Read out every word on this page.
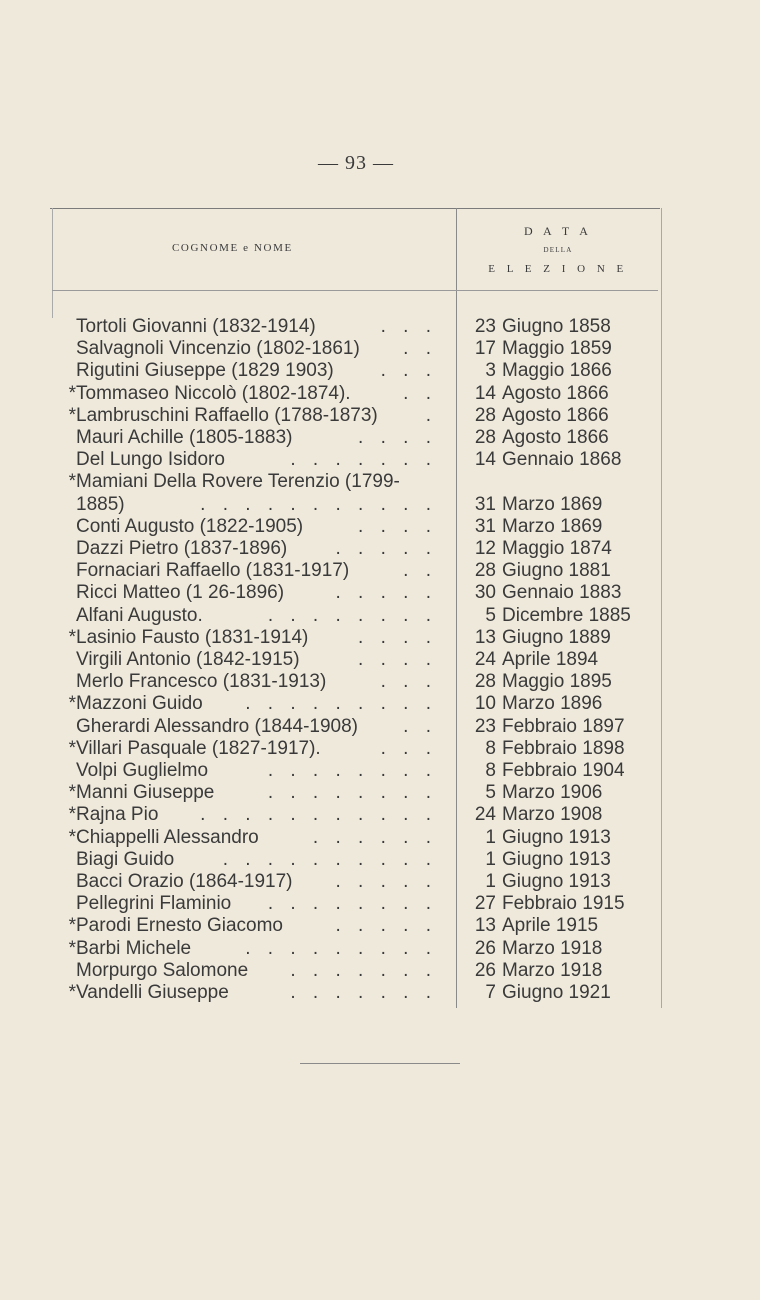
— 93 —
COGNOME e NOME
D A T A
DELLA
E L E Z I O N E
Tortoli Giovanni (1832-1914)	. . .	23 Giugno 1858
Salvagnoli Vincenzio (1802-1861) . .	17 Maggio 1859
Rigutini Giuseppe (1829 1903) . . .	3 Maggio 1866
* Tommaseo Niccolò (1802-1874).	. .	14 Agosto 1866
* Lambruschini Raffaello (1788-1873)	.	28 Agosto 1866
Mauri Achille (1805-1883)	. . . .	28 Agosto 1866
Del Lungo Isidoro	. . . . . . .	14 Gennaio 1868
* Mamiani Della Rovere Terenzio (1799-
1885)	. . . . . . . . . . .	31 Marzo 1869
Conti Augusto (1822-1905)	. . . .	31 Marzo 1869
Dazzi Pietro (1837-1896)	. . . . .	12 Maggio 1874
Fornaciari Raffaello (1831-1917)	. .	28 Giugno 1881
Ricci Matteo (1 26-1896)	. . . . .	30 Gennaio 1883
Alfani Augusto.	. . . . . . . .	5 Dicembre 1885
* Lasinio Fausto (1831-1914)	. . . .	13 Giugno 1889
Virgili Antonio (1842-1915)	. . . .	24 Aprile 1894
Merlo Francesco (1831-1913)	. . .	28 Maggio 1895
* Mazzoni Guido . . . . . . . . .	10 Marzo 1896
Gherardi Alessandro (1844-1908) . .	23 Febbraio 1897
* Villari Pasquale (1827-1917).	. . .	8 Febbraio 1898
Volpi Guglielmo	. . . . . . . .	8 Febbraio 1904
* Manni Giuseppe	. . . . . . . .	5 Marzo 1906
* Rajna Pio . . . . . . . . . . .	24 Marzo 1908
* Chiappelli Alessandro	. . . . . .	1 Giugno 1913
Biagi Guido	. . . . . . . . . .	1 Giugno 1913
Bacci Orazio (1864-1917) . . . . .	1 Giugno 1913
Pellegrini Flaminio . . . . . . . .	27 Febbraio 1915
* Parodi Ernesto Giacomo	. . . . .	13 Aprile 1915
* Barbi Michele	. . . . . . . . .	26 Marzo 1918
Morpurgo Salomone . . . . . . .	26 Marzo 1918
* Vandelli Giuseppe	. . . . . . .	7 Giugno 1921
